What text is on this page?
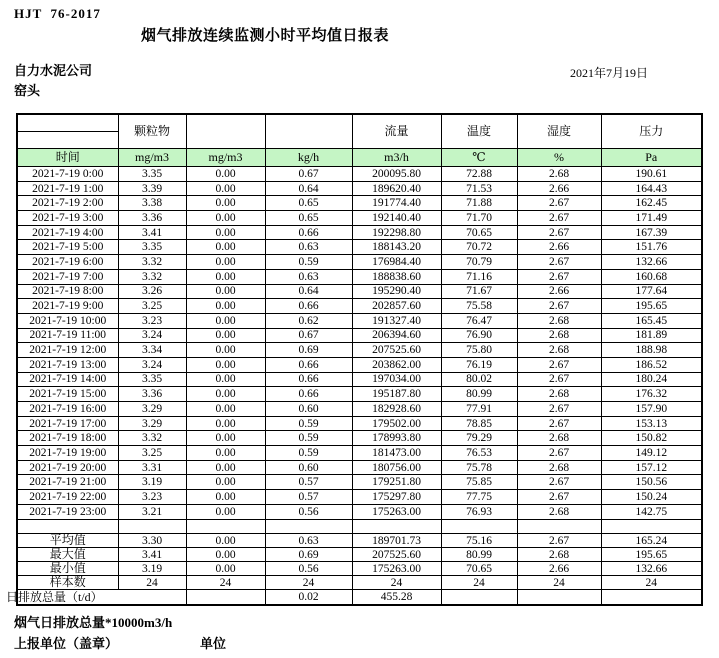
HJT  76-2017
烟气排放连续监测小时平均值日报表
自力水泥公司
窑头
2021年7月19日
	颗粒物			流量	温度	湿度	压力

时间	mg/m3	mg/m3	kg/h	m3/h	℃	%	Pa
2021-7-19 0:00	3.35	0.00	0.67	200095.80	72.88	2.68	190.61
2021-7-19 1:00	3.39	0.00	0.64	189620.40	71.53	2.66	164.43
2021-7-19 2:00	3.38	0.00	0.65	191774.40	71.88	2.67	162.45
2021-7-19 3:00	3.36	0.00	0.65	192140.40	71.70	2.67	171.49
2021-7-19 4:00	3.41	0.00	0.66	192298.80	70.65	2.67	167.39
2021-7-19 5:00	3.35	0.00	0.63	188143.20	70.72	2.66	151.76
2021-7-19 6:00	3.32	0.00	0.59	176984.40	70.79	2.67	132.66
2021-7-19 7:00	3.32	0.00	0.63	188838.60	71.16	2.67	160.68
2021-7-19 8:00	3.26	0.00	0.64	195290.40	71.67	2.66	177.64
2021-7-19 9:00	3.25	0.00	0.66	202857.60	75.58	2.67	195.65
2021-7-19 10:00	3.23	0.00	0.62	191327.40	76.47	2.68	165.45
2021-7-19 11:00	3.24	0.00	0.67	206394.60	76.90	2.68	181.89
2021-7-19 12:00	3.34	0.00	0.69	207525.60	75.80	2.68	188.98
2021-7-19 13:00	3.24	0.00	0.66	203862.00	76.19	2.67	186.52
2021-7-19 14:00	3.35	0.00	0.66	197034.00	80.02	2.67	180.24
2021-7-19 15:00	3.36	0.00	0.66	195187.80	80.99	2.68	176.32
2021-7-19 16:00	3.29	0.00	0.60	182928.60	77.91	2.67	157.90
2021-7-19 17:00	3.29	0.00	0.59	179502.00	78.85	2.67	153.13
2021-7-19 18:00	3.32	0.00	0.59	178993.80	79.29	2.68	150.82
2021-7-19 19:00	3.25	0.00	0.59	181473.00	76.53	2.67	149.12
2021-7-19 20:00	3.31	0.00	0.60	180756.00	75.78	2.68	157.12
2021-7-19 21:00	3.19	0.00	0.57	179251.80	75.85	2.67	150.56
2021-7-19 22:00	3.23	0.00	0.57	175297.80	77.75	2.67	150.24
2021-7-19 23:00	3.21	0.00	0.56	175263.00	76.93	2.68	142.75

平均值	3.30	0.00	0.63	189701.73	75.16	2.67	165.24
最大值	3.41	0.00	0.69	207525.60	80.99	2.68	195.65
最小值	3.19	0.00	0.56	175263.00	70.65	2.66	132.66
样本数	24	24	24	24	24	24	24
日排放总量（t/d）			0.02	455.28			
烟气日排放总量*10000m3/h
上报单位（盖章）	单位
